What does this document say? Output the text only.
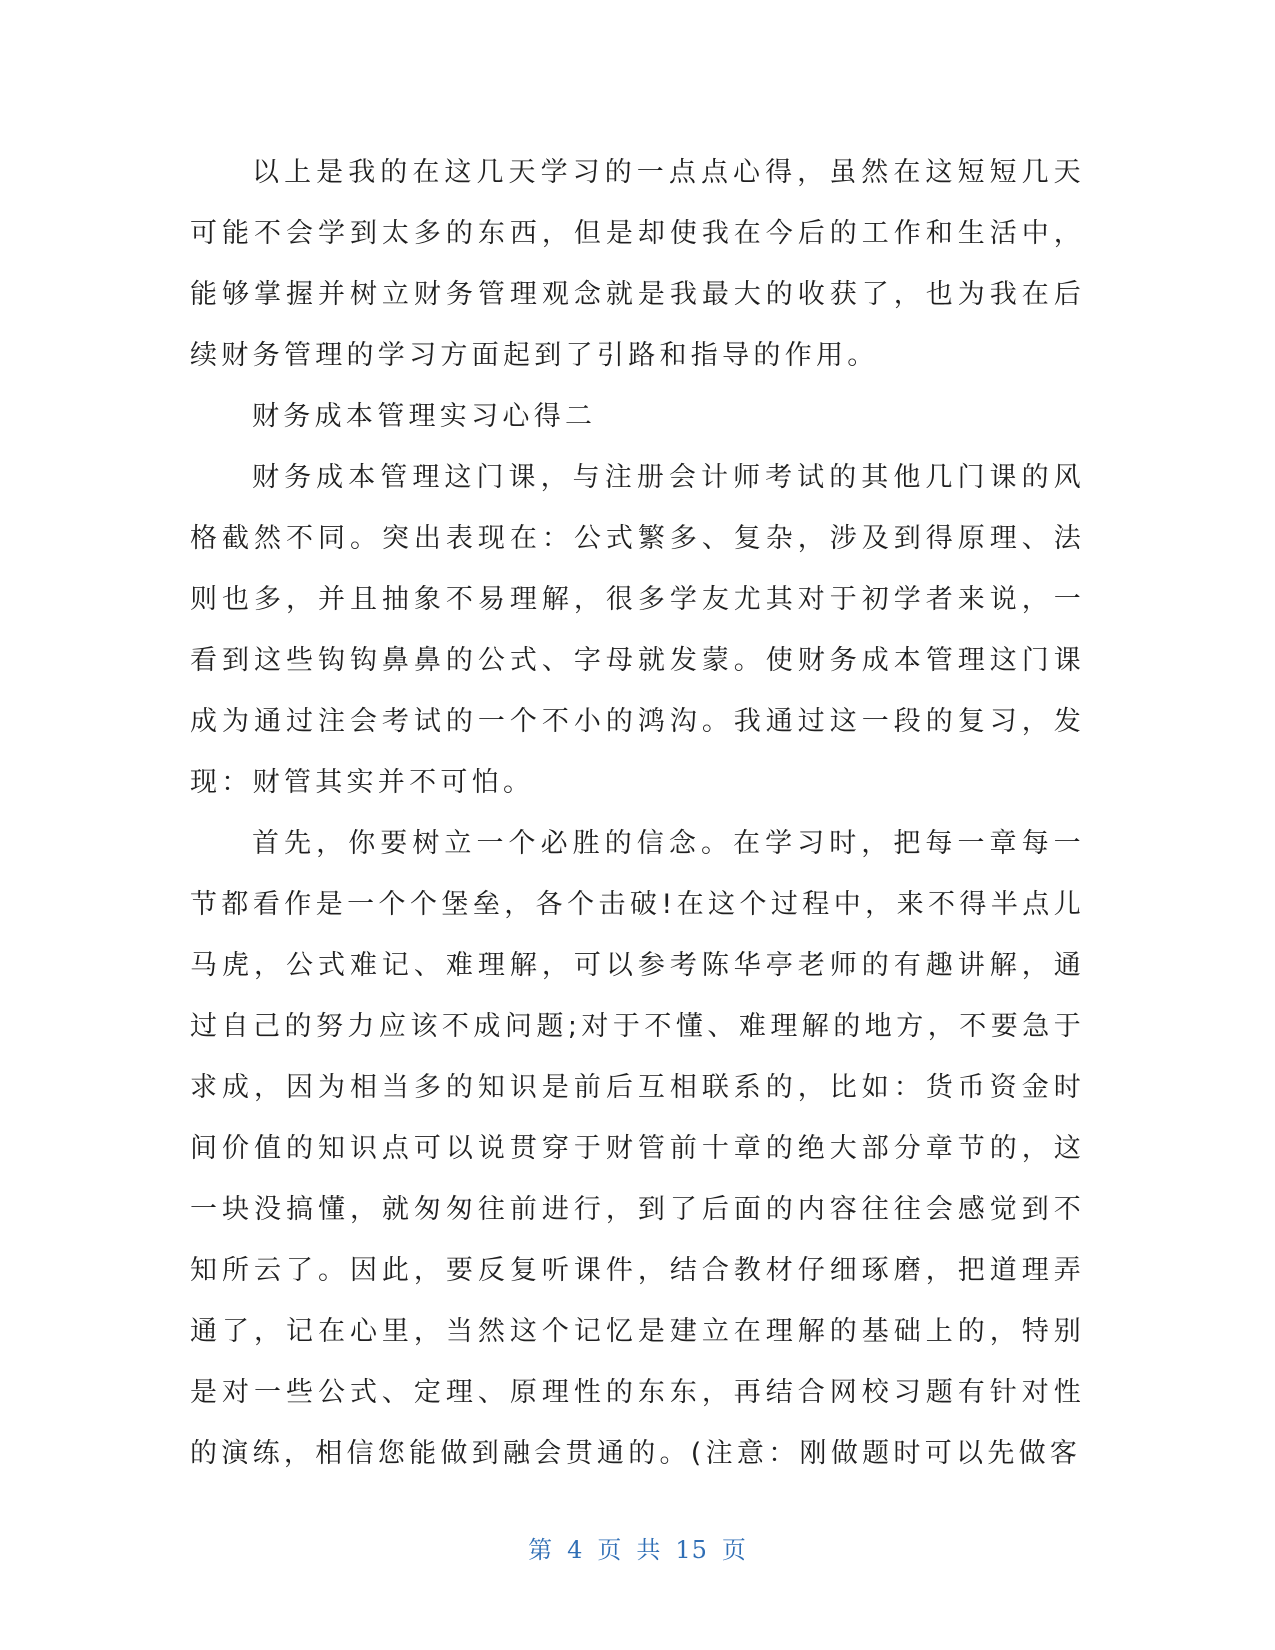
以上是我的在这几天学习的一点点心得，虽然在这短短几天可能不会学到太多的东西，但是却使我在今后的工作和生活中，能够掌握并树立财务管理观念就是我最大的收获了，也为我在后续财务管理的学习方面起到了引路和指导的作用。

财务成本管理实习心得二

财务成本管理这门课，与注册会计师考试的其他几门课的风格截然不同。突出表现在：公式繁多、复杂，涉及到得原理、法则也多，并且抽象不易理解，很多学友尤其对于初学者来说，一看到这些钩钩鼻鼻的公式、字母就发蒙。使财务成本管理这门课成为通过注会考试的一个不小的鸿沟。我通过这一段的复习，发现：财管其实并不可怕。

首先，你要树立一个必胜的信念。在学习时，把每一章每一节都看作是一个个堡垒，各个击破!在这个过程中，来不得半点儿马虎，公式难记、难理解，可以参考陈华亭老师的有趣讲解，通过自己的努力应该不成问题;对于不懂、难理解的地方，不要急于求成，因为相当多的知识是前后互相联系的，比如：货币资金时间价值的知识点可以说贯穿于财管前十章的绝大部分章节的，这一块没搞懂，就匆匆往前进行，到了后面的内容往往会感觉到不知所云了。因此，要反复听课件，结合教材仔细琢磨，把道理弄通了，记在心里，当然这个记忆是建立在理解的基础上的，特别是对一些公式、定理、原理性的东东，再结合网校习题有针对性的演练，相信您能做到融会贯通的。(注意：刚做题时可以先做客

第 4 页 共 15 页
